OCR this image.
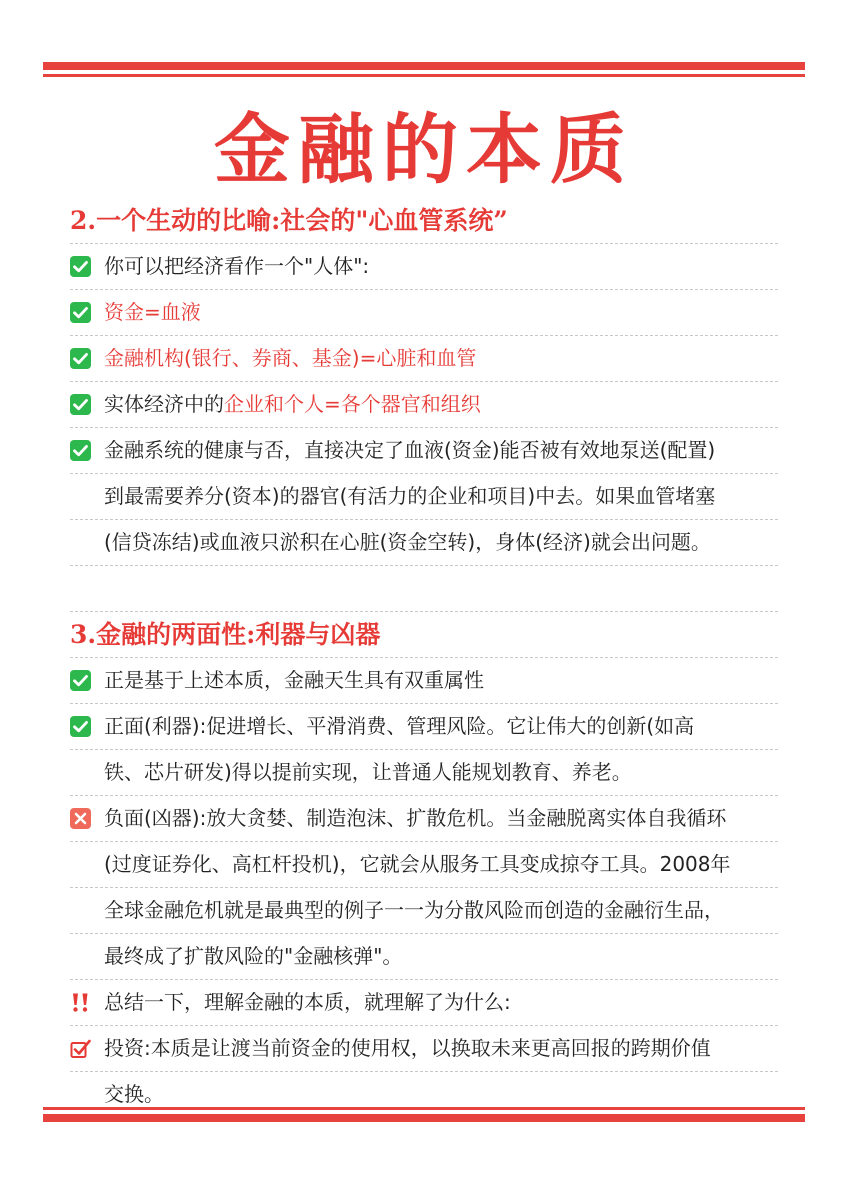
金融的本质
2.一个生动的比喻:社会的"心血管系统”
你可以把经济看作一个"人体":
资金=血液
金融机构(银行、券商、基金)=心脏和血管
实体经济中的企业和个人=各个器官和组织
金融系统的健康与否，直接决定了血液(资金)能否被有效地泵送(配置)
到最需要养分(资本)的器官(有活力的企业和项目)中去。如果血管堵塞
(信贷冻结)或血液只淤积在心脏(资金空转)，身体(经济)就会出问题。
3.金融的两面性:利器与凶器
正是基于上述本质，金融天生具有双重属性
正面(利器):促进增长、平滑消费、管理风险。它让伟大的创新(如高
铁、芯片研发)得以提前实现，让普通人能规划教育、养老。
负面(凶器):放大贪婪、制造泡沫、扩散危机。当金融脱离实体自我循环
(过度证券化、高杠杆投机)，它就会从服务工具变成掠夺工具。2008年
全球金融危机就是最典型的例子一一为分散风险而创造的金融衍生品，
最终成了扩散风险的"金融核弹"。
总结一下，理解金融的本质，就理解了为什么:
投资:本质是让渡当前资金的使用权，以换取未来更高回报的跨期价值
交换。
